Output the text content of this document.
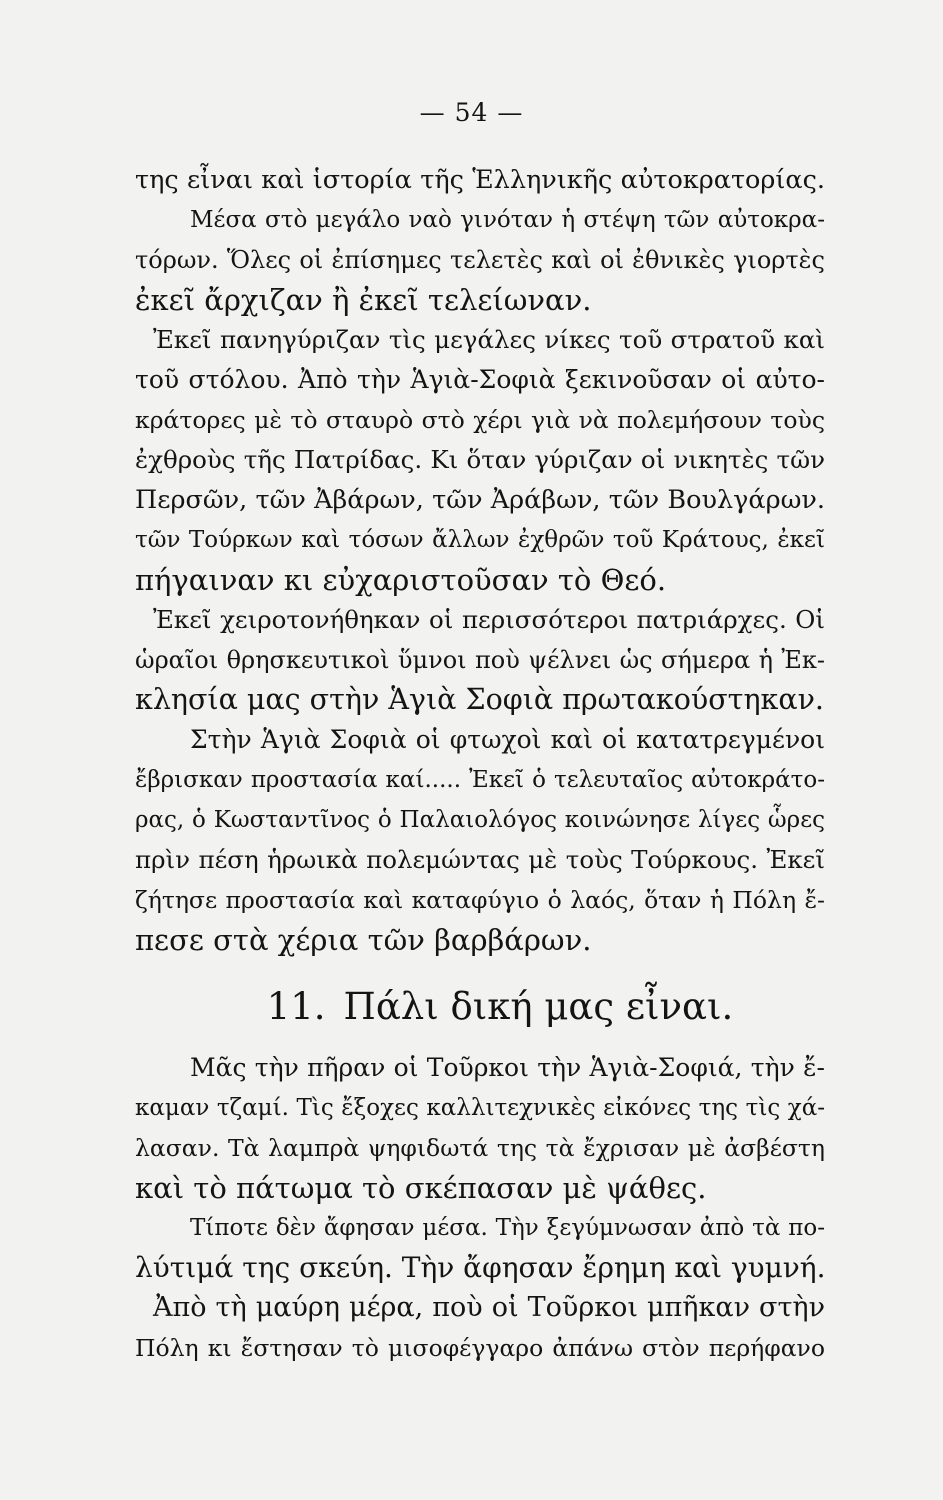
— 54 —
της εἶναι καὶ ἱστορία τῆς Ἑλληνικῆς αὐτοκρατορίας.
Μέσα στὸ μεγάλο ναὸ γινόταν ἡ στέψη τῶν αὐτοκρα-
τόρων. Ὅλες οἱ ἐπίσημες τελετὲς καὶ οἱ ἐθνικὲς γιορτὲς
ἐκεῖ ἄρχιζαν ἢ ἐκεῖ τελείωναν.
Ἐκεῖ πανηγύριζαν τὶς μεγάλες νίκες τοῦ στρατοῦ καὶ
τοῦ στόλου. Ἀπὸ τὴν Ἁγιὰ-Σοφιὰ ξεκινοῦσαν οἱ αὐτο-
κράτορες μὲ τὸ σταυρὸ στὸ χέρι γιὰ νὰ πολεμήσουν τοὺς
ἐχθροὺς τῆς Πατρίδας. Κι ὅταν γύριζαν οἱ νικητὲς τῶν
Περσῶν, τῶν Ἀβάρων, τῶν Ἀράβων, τῶν Βουλγάρων.
τῶν Τούρκων καὶ τόσων ἄλλων ἐχθρῶν τοῦ Κράτους, ἐκεῖ
πήγαιναν κι εὐχαριστοῦσαν τὸ Θεό.
Ἐκεῖ χειροτονήθηκαν οἱ περισσότεροι πατριάρχες. Οἱ
ὡραῖοι θρησκευτικοὶ ὕμνοι ποὺ ψέλνει ὡς σήμερα ἡ Ἐκ-
κλησία μας στὴν Ἁγιὰ Σοφιὰ πρωτακούστηκαν.
Στὴν Ἁγιὰ Σοφιὰ οἱ φτωχοὶ καὶ οἱ κατατρεγμένοι
ἔβρισκαν προστασία καί..... Ἐκεῖ ὁ τελευταῖος αὐτοκράτο-
ρας, ὁ Κωσταντῖνος ὁ Παλαιολόγος κοινώνησε λίγες ὧρες
πρὶν πέση ἡρωικὰ πολεμώντας μὲ τοὺς Τούρκους. Ἐκεῖ
ζήτησε προστασία καὶ καταφύγιο ὁ λαός, ὅταν ἡ Πόλη ἔ-
πεσε στὰ χέρια τῶν βαρβάρων.
11. Πάλι δική μας εἶναι.
Μᾶς τὴν πῆραν οἱ Τοῦρκοι τὴν Ἁγιὰ-Σοφιά, τὴν ἔ-
καμαν τζαμί. Τὶς ἔξοχες καλλιτεχνικὲς εἰκόνες της τὶς χά-
λασαν. Τὰ λαμπρὰ ψηφιδωτά της τὰ ἔχρισαν μὲ ἀσβέστη
καὶ τὸ πάτωμα τὸ σκέπασαν μὲ ψάθες.
Τίποτε δὲν ἄφησαν μέσα. Τὴν ξεγύμνωσαν ἀπὸ τὰ πο-
λύτιμά της σκεύη. Τὴν ἄφησαν ἔρημη καὶ γυμνή.
Ἀπὸ τὴ μαύρη μέρα, ποὺ οἱ Τοῦρκοι μπῆκαν στὴν
Πόλη κι ἔστησαν τὸ μισοφέγγαρο ἀπάνω στὸν περήφανο
